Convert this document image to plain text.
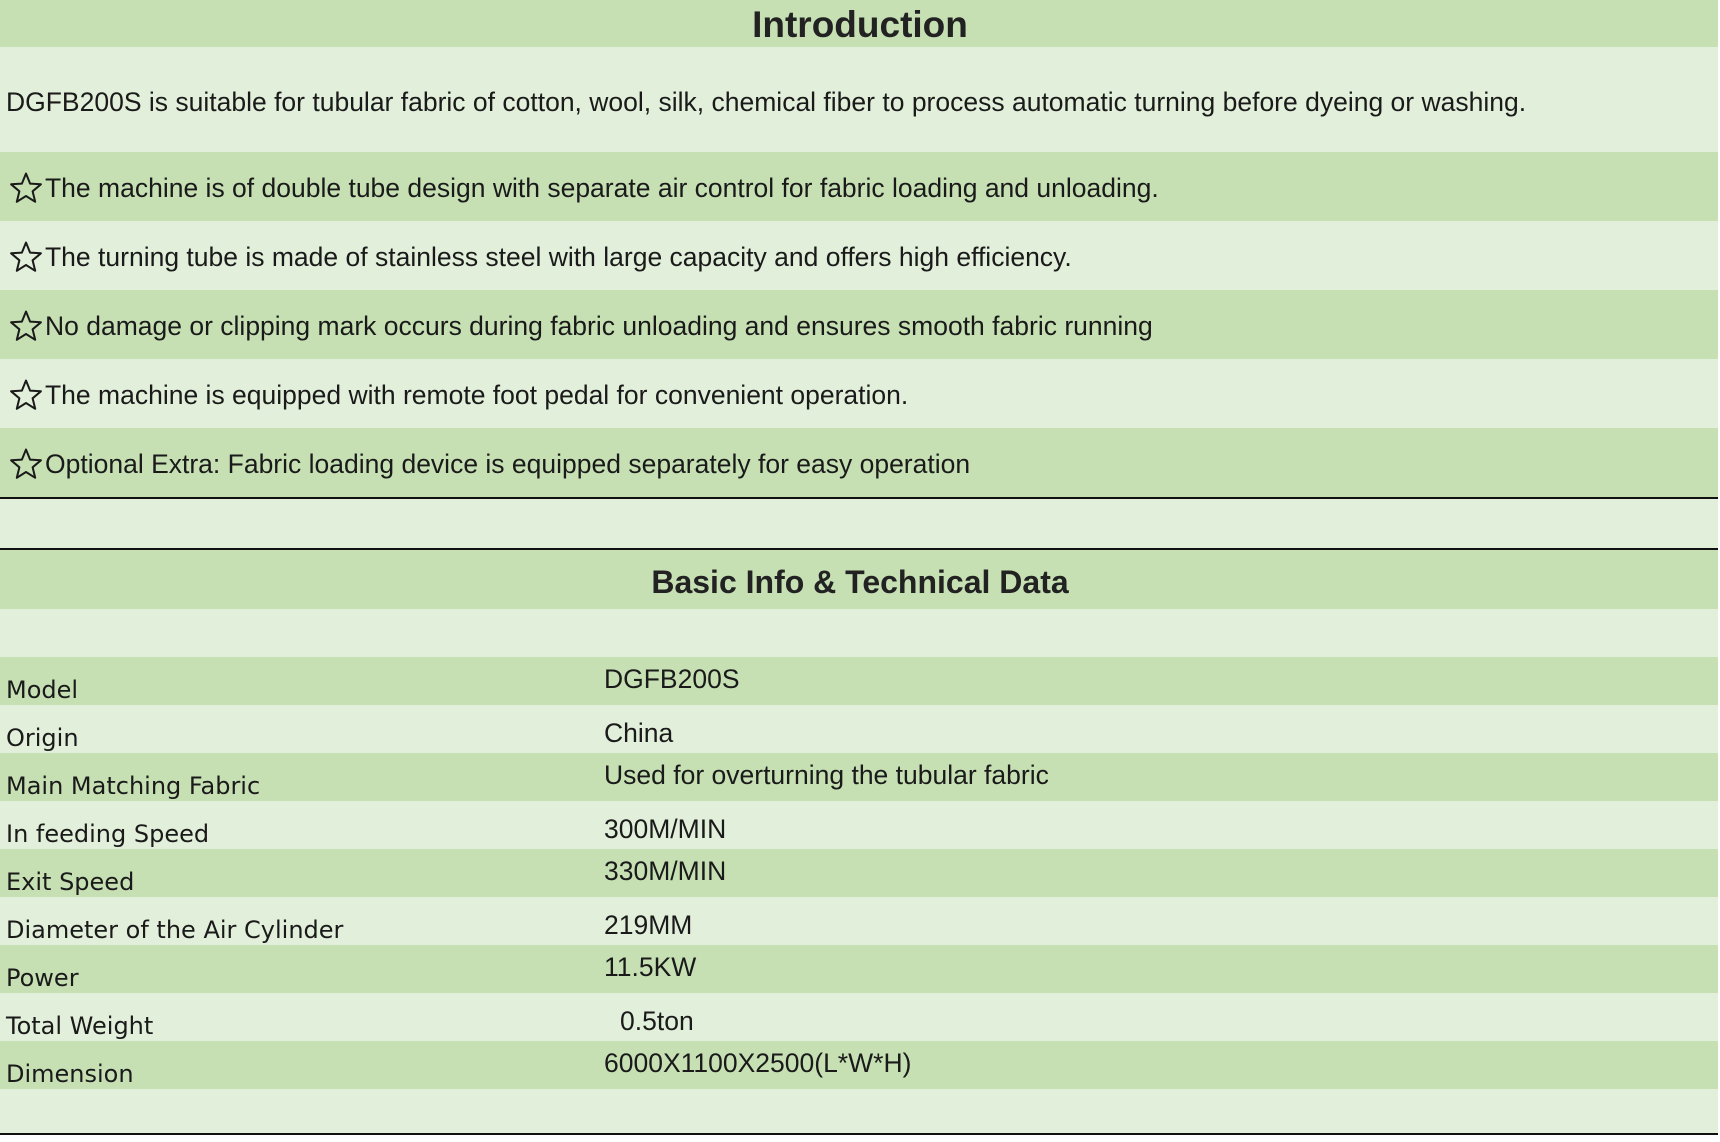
Introduction
DGFB200S is suitable for tubular fabric of cotton, wool, silk, chemical fiber to process automatic turning before dyeing or washing.
The machine is of double tube design with separate air control for fabric loading and unloading.
The turning tube is made of stainless steel with large capacity and offers high efficiency.
No damage or clipping mark occurs during fabric unloading and ensures smooth fabric running
The machine is equipped with remote foot pedal for convenient operation.
Optional Extra: Fabric loading device is equipped separately for easy operation
Basic Info & Technical Data
Model	DGFB200S
Origin	China
Main Matching Fabric	Used for overturning the tubular fabric
In feeding Speed	300M/MIN
Exit Speed	330M/MIN
Diameter of the Air Cylinder	219MM
Power	11.5KW
Total Weight	0.5ton
Dimension	6000X1100X2500(L*W*H)
